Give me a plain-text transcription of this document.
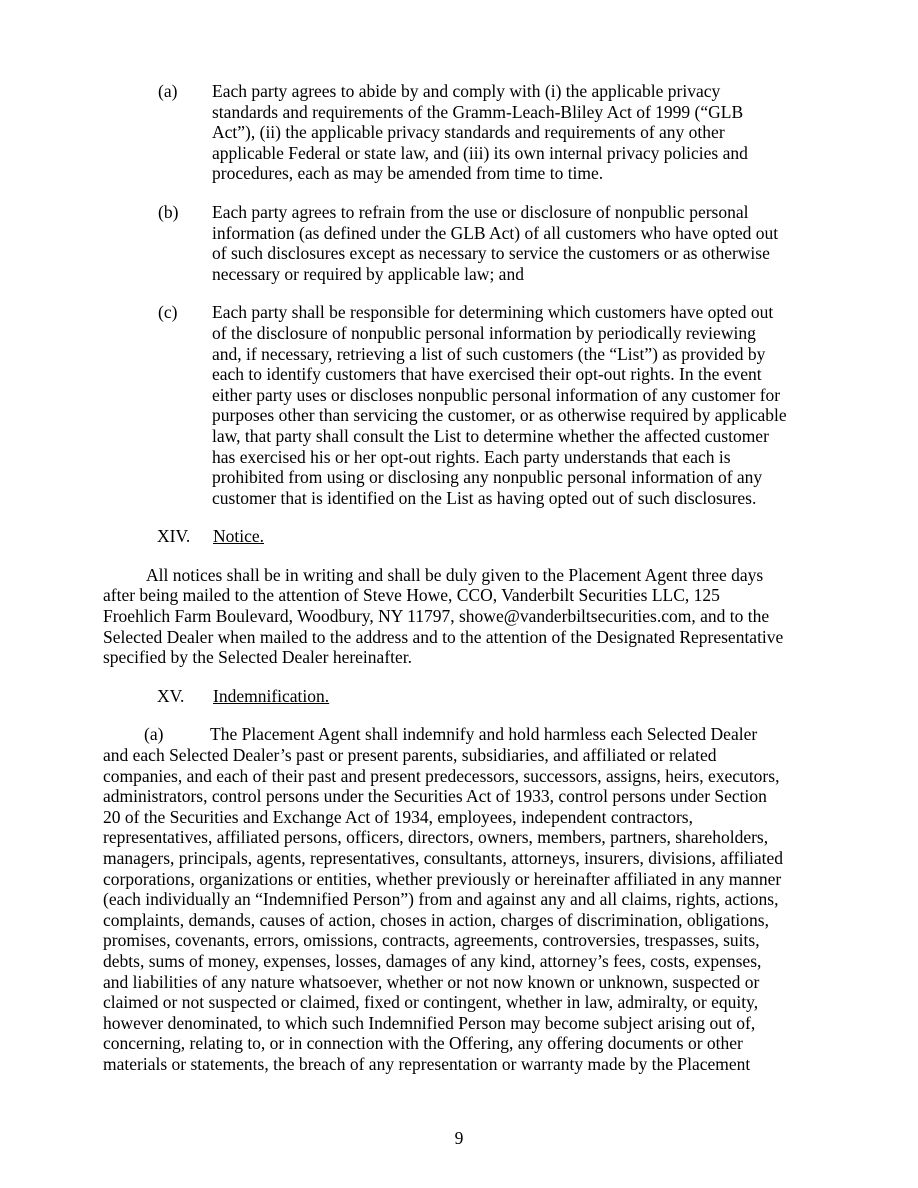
(a) Each party agrees to abide by and comply with (i) the applicable privacy
standards and requirements of the Gramm-Leach-Bliley Act of 1999 (“GLB
Act”), (ii) the applicable privacy standards and requirements of any other
applicable Federal or state law, and (iii) its own internal privacy policies and
procedures, each as may be amended from time to time.
(b) Each party agrees to refrain from the use or disclosure of nonpublic personal
information (as defined under the GLB Act) of all customers who have opted out
of such disclosures except as necessary to service the customers or as otherwise
necessary or required by applicable law; and
(c) Each party shall be responsible for determining which customers have opted out
of the disclosure of nonpublic personal information by periodically reviewing
and, if necessary, retrieving a list of such customers (the “List”) as provided by
each to identify customers that have exercised their opt-out rights. In the event
either party uses or discloses nonpublic personal information of any customer for
purposes other than servicing the customer, or as otherwise required by applicable
law, that party shall consult the List to determine whether the affected customer
has exercised his or her opt-out rights. Each party understands that each is
prohibited from using or disclosing any nonpublic personal information of any
customer that is identified on the List as having opted out of such disclosures.
XIV. Notice.
All notices shall be in writing and shall be duly given to the Placement Agent three days
after being mailed to the attention of Steve Howe, CCO, Vanderbilt Securities LLC, 125
Froehlich Farm Boulevard, Woodbury, NY 11797, showe@vanderbiltsecurities.com, and to the
Selected Dealer when mailed to the address and to the attention of the Designated Representative
specified by the Selected Dealer hereinafter.
XV. Indemnification.
(a)	The Placement Agent shall indemnify and hold harmless each Selected Dealer
and each Selected Dealer’s past or present parents, subsidiaries, and affiliated or related
companies, and each of their past and present predecessors, successors, assigns, heirs, executors,
administrators, control persons under the Securities Act of 1933, control persons under Section
20 of the Securities and Exchange Act of 1934, employees, independent contractors,
representatives, affiliated persons, officers, directors, owners, members, partners, shareholders,
managers, principals, agents, representatives, consultants, attorneys, insurers, divisions, affiliated
corporations, organizations or entities, whether previously or hereinafter affiliated in any manner
(each individually an “Indemnified Person”) from and against any and all claims, rights, actions,
complaints, demands, causes of action, choses in action, charges of discrimination, obligations,
promises, covenants, errors, omissions, contracts, agreements, controversies, trespasses, suits,
debts, sums of money, expenses, losses, damages of any kind, attorney’s fees, costs, expenses,
and liabilities of any nature whatsoever, whether or not now known or unknown, suspected or
claimed or not suspected or claimed, fixed or contingent, whether in law, admiralty, or equity,
however denominated, to which such Indemnified Person may become subject arising out of,
concerning, relating to, or in connection with the Offering, any offering documents or other
materials or statements, the breach of any representation or warranty made by the Placement
9
